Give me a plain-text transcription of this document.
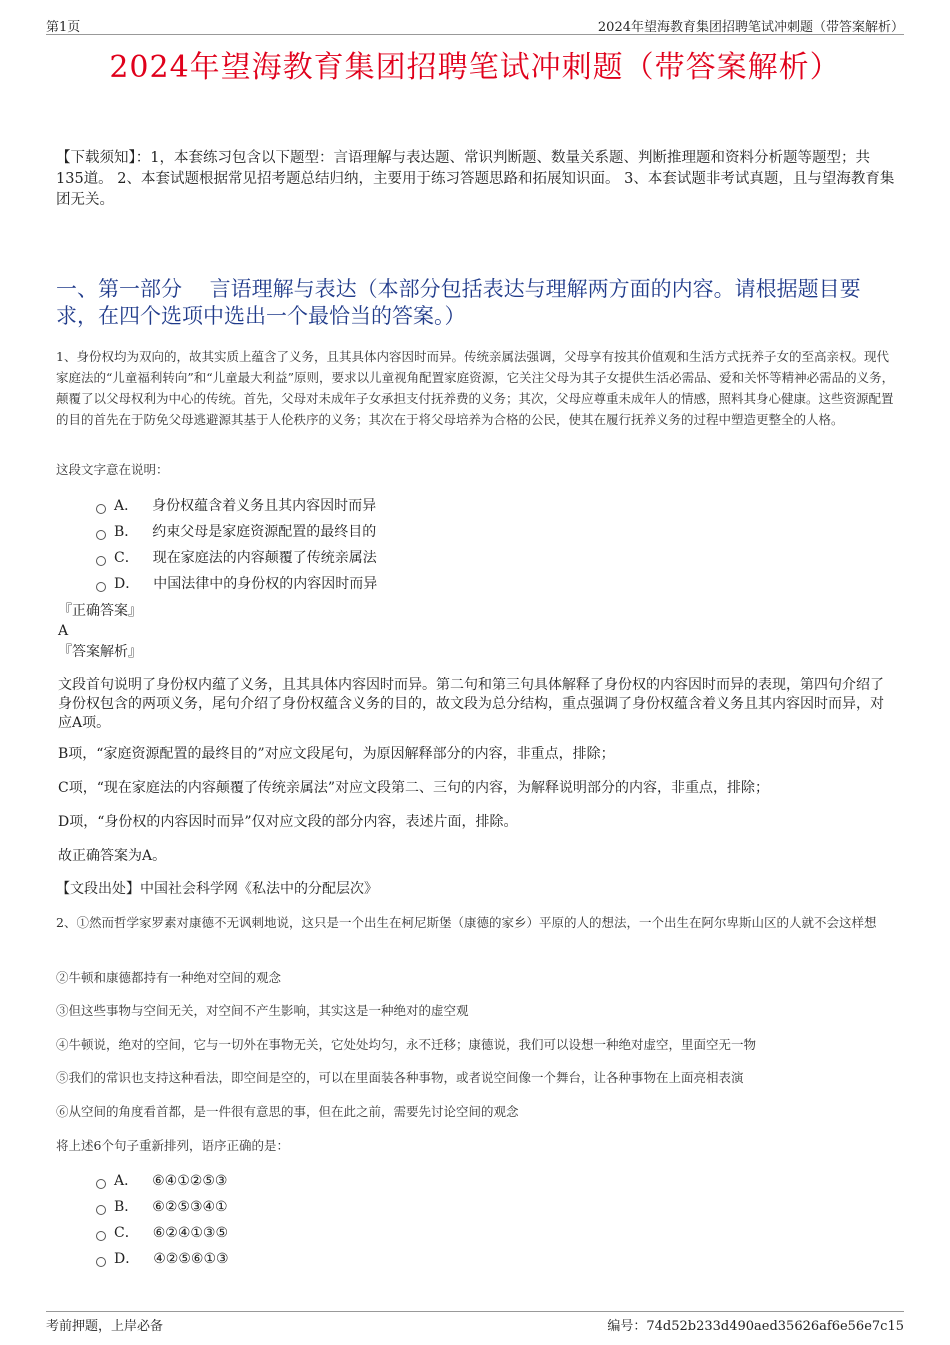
第1页	2024年望海教育集团招聘笔试冲刺题（带答案解析）
2024年望海教育集团招聘笔试冲刺题（带答案解析）
【下载须知】：1，本套练习包含以下题型：言语理解与表达题、常识判断题、数量关系题、判断推理题和资料分析题等题型；共135道。 2、本套试题根据常见招考题总结归纳，主要用于练习答题思路和拓展知识面。 3、本套试题非考试真题，且与望海教育集团无关。
一、第一部分　 言语理解与表达（本部分包括表达与理解两方面的内容。请根据题目要求，在四个选项中选出一个最恰当的答案。）
1、身份权均为双向的，故其实质上蕴含了义务，且其具体内容因时而异。传统亲属法强调，父母享有按其价值观和生活方式抚养子女的至高亲权。现代家庭法的“儿童福利转向”和“儿童最大利益”原则，要求以儿童视角配置家庭资源，它关注父母为其子女提供生活必需品、爱和关怀等精神必需品的义务，颠覆了以父母权利为中心的传统。首先，父母对未成年子女承担支付抚养费的义务；其次，父母应尊重未成年人的情感，照料其身心健康。这些资源配置的目的首先在于防免父母逃避源其基于人伦秩序的义务；其次在于将父母培养为合格的公民，使其在履行抚养义务的过程中塑造更整全的人格。
这段文字意在说明：
A． 身份权蕴含着义务且其内容因时而异
B． 约束父母是家庭资源配置的最终目的
C． 现在家庭法的内容颠覆了传统亲属法
D． 中国法律中的身份权的内容因时而异
『正确答案』
A
『答案解析』
文段首句说明了身份权内蕴了义务，且其具体内容因时而异。第二句和第三句具体解释了身份权的内容因时而异的表现，第四句介绍了身份权包含的两项义务，尾句介绍了身份权蕴含义务的目的，故文段为总分结构，重点强调了身份权蕴含着义务且其内容因时而异，对应A项。
B项，“家庭资源配置的最终目的”对应文段尾句，为原因解释部分的内容，非重点，排除；
C项，“现在家庭法的内容颠覆了传统亲属法”对应文段第二、三句的内容，为解释说明部分的内容，非重点，排除；
D项，“身份权的内容因时而异”仅对应文段的部分内容，表述片面，排除。
故正确答案为A。
【文段出处】中国社会科学网《私法中的分配层次》
2、①然而哲学家罗素对康德不无讽刺地说，这只是一个出生在柯尼斯堡（康德的家乡）平原的人的想法，一个出生在阿尔卑斯山区的人就不会这样想
②牛顿和康德都持有一种绝对空间的观念
③但这些事物与空间无关，对空间不产生影响，其实这是一种绝对的虚空观
④牛顿说，绝对的空间，它与一切外在事物无关，它处处均匀，永不迁移；康德说，我们可以设想一种绝对虚空，里面空无一物
⑤我们的常识也支持这种看法，即空间是空的，可以在里面装各种事物，或者说空间像一个舞台，让各种事物在上面亮相表演
⑥从空间的角度看首都，是一件很有意思的事，但在此之前，需要先讨论空间的观念
将上述6个句子重新排列，语序正确的是：
A． ⑥④①②⑤③
B． ⑥②⑤③④①
C． ⑥②④①③⑤
D． ④②⑤⑥①③
考前押题，上岸必备	编号：74d52b233d490aed35626af6e56e7c15
